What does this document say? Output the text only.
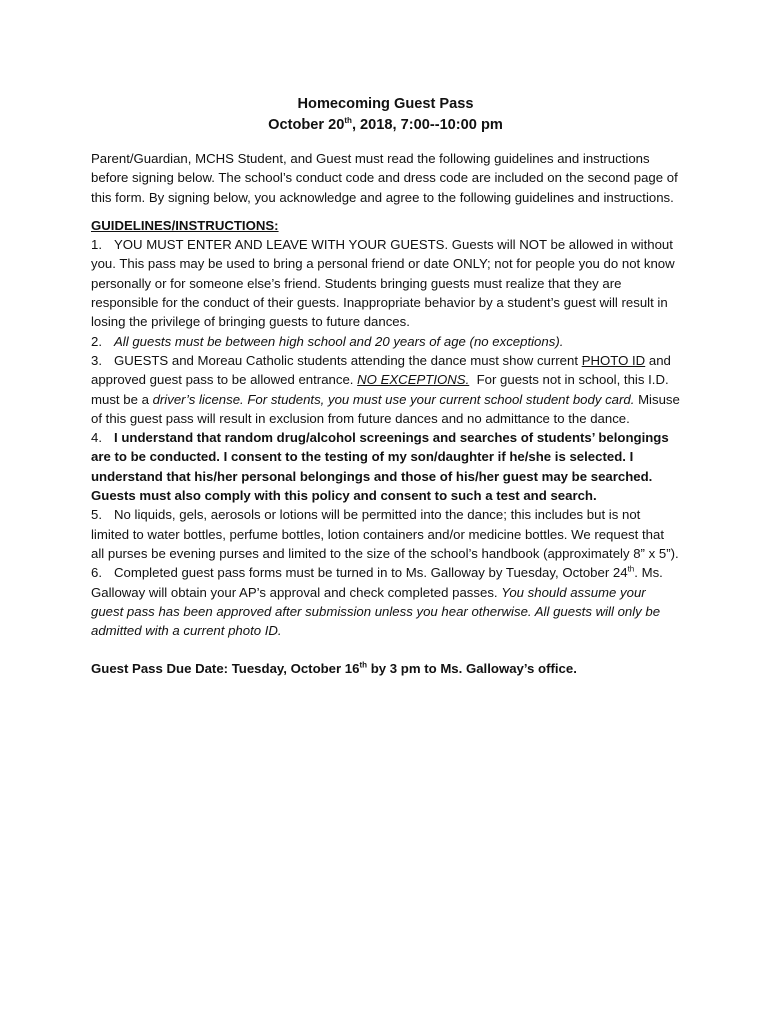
Homecoming Guest Pass
October 20th, 2018, 7:00--10:00 pm
Parent/Guardian, MCHS Student, and Guest must read the following guidelines and instructions before signing below. The school’s conduct code and dress code are included on the second page of this form. By signing below, you acknowledge and agree to the following guidelines and instructions.
GUIDELINES/INSTRUCTIONS:
1. YOU MUST ENTER AND LEAVE WITH YOUR GUESTS. Guests will NOT be allowed in without you. This pass may be used to bring a personal friend or date ONLY; not for people you do not know personally or for someone else’s friend. Students bringing guests must realize that they are responsible for the conduct of their guests. Inappropriate behavior by a student’s guest will result in losing the privilege of bringing guests to future dances.
2. All guests must be between high school and 20 years of age (no exceptions).
3. GUESTS and Moreau Catholic students attending the dance must show current PHOTO ID and approved guest pass to be allowed entrance. NO EXCEPTIONS.  For guests not in school, this I.D. must be a driver’s license. For students, you must use your current school student body card. Misuse of this guest pass will result in exclusion from future dances and no admittance to the dance.
4. I understand that random drug/alcohol screenings and searches of students’ belongings are to be conducted. I consent to the testing of my son/daughter if he/she is selected. I understand that his/her personal belongings and those of his/her guest may be searched. Guests must also comply with this policy and consent to such a test and search.
5. No liquids, gels, aerosols or lotions will be permitted into the dance; this includes but is not limited to water bottles, perfume bottles, lotion containers and/or medicine bottles. We request that all purses be evening purses and limited to the size of the school’s handbook (approximately 8” x 5”).
6. Completed guest pass forms must be turned in to Ms. Galloway by Tuesday, October 24th. Ms. Galloway will obtain your AP’s approval and check completed passes. You should assume your guest pass has been approved after submission unless you hear otherwise. All guests will only be admitted with a current photo ID.
Guest Pass Due Date: Tuesday, October 16th by 3 pm to Ms. Galloway’s office.
